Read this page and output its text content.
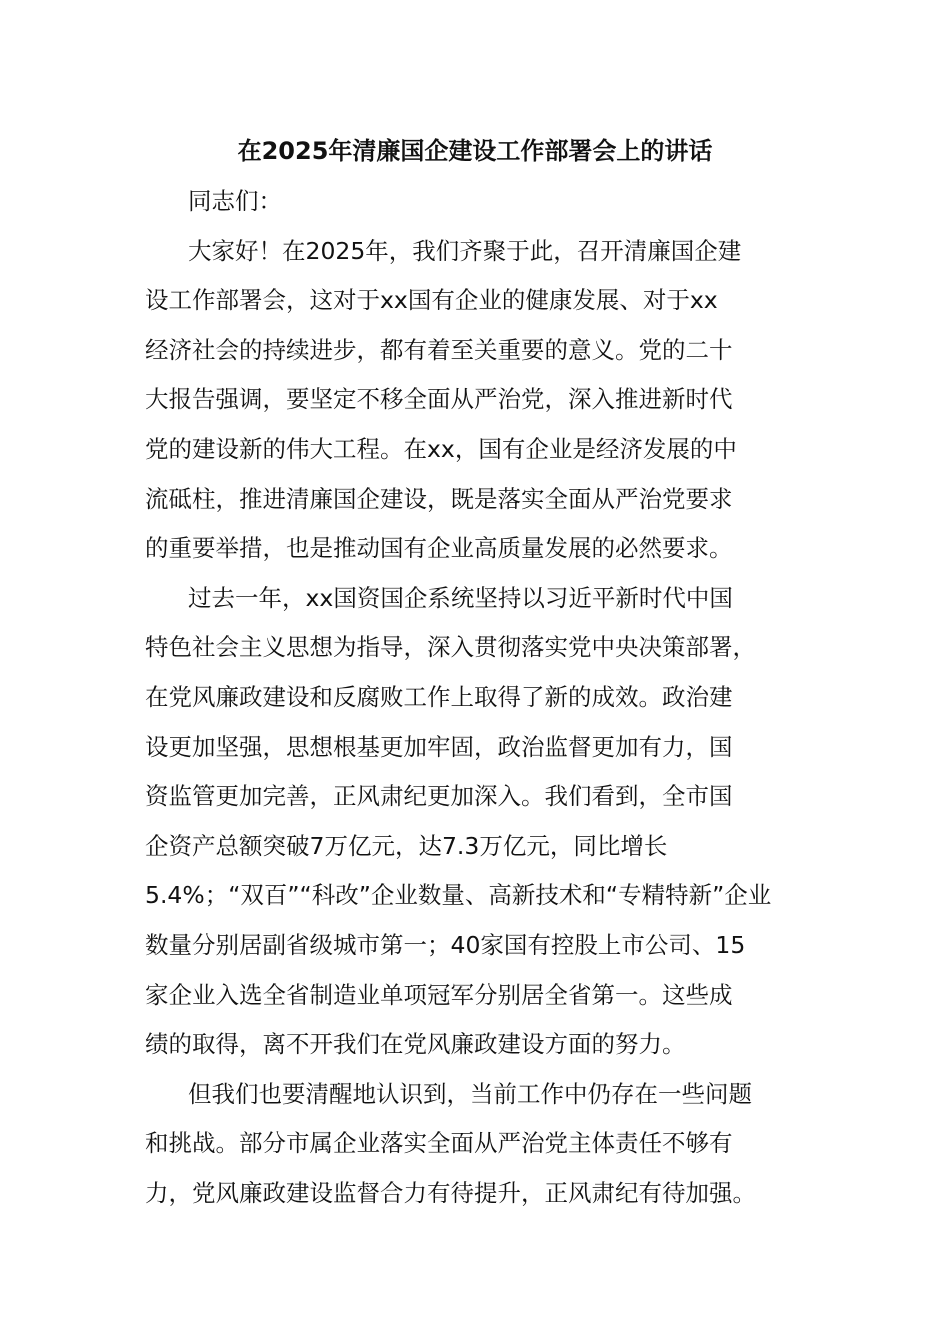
在2025年清廉国企建设工作部署会上的讲话
同志们：
大家好！在2025年，我们齐聚于此，召开清廉国企建
设工作部署会，这对于xx国有企业的健康发展、对于xx
经济社会的持续进步，都有着至关重要的意义。党的二十
大报告强调，要坚定不移全面从严治党，深入推进新时代
党的建设新的伟大工程。在xx，国有企业是经济发展的中
流砥柱，推进清廉国企建设，既是落实全面从严治党要求
的重要举措，也是推动国有企业高质量发展的必然要求。
过去一年，xx国资国企系统坚持以习近平新时代中国
特色社会主义思想为指导，深入贯彻落实党中央决策部署，
在党风廉政建设和反腐败工作上取得了新的成效。政治建
设更加坚强，思想根基更加牢固，政治监督更加有力，国
资监管更加完善，正风肃纪更加深入。我们看到，全市国
企资产总额突破7万亿元，达7.3万亿元，同比增长
5.4%；“双百”“科改”企业数量、高新技术和“专精特新”企业
数量分别居副省级城市第一；40家国有控股上市公司、15
家企业入选全省制造业单项冠军分别居全省第一。这些成
绩的取得，离不开我们在党风廉政建设方面的努力。
但我们也要清醒地认识到，当前工作中仍存在一些问题
和挑战。部分市属企业落实全面从严治党主体责任不够有
力，党风廉政建设监督合力有待提升，正风肃纪有待加强。
